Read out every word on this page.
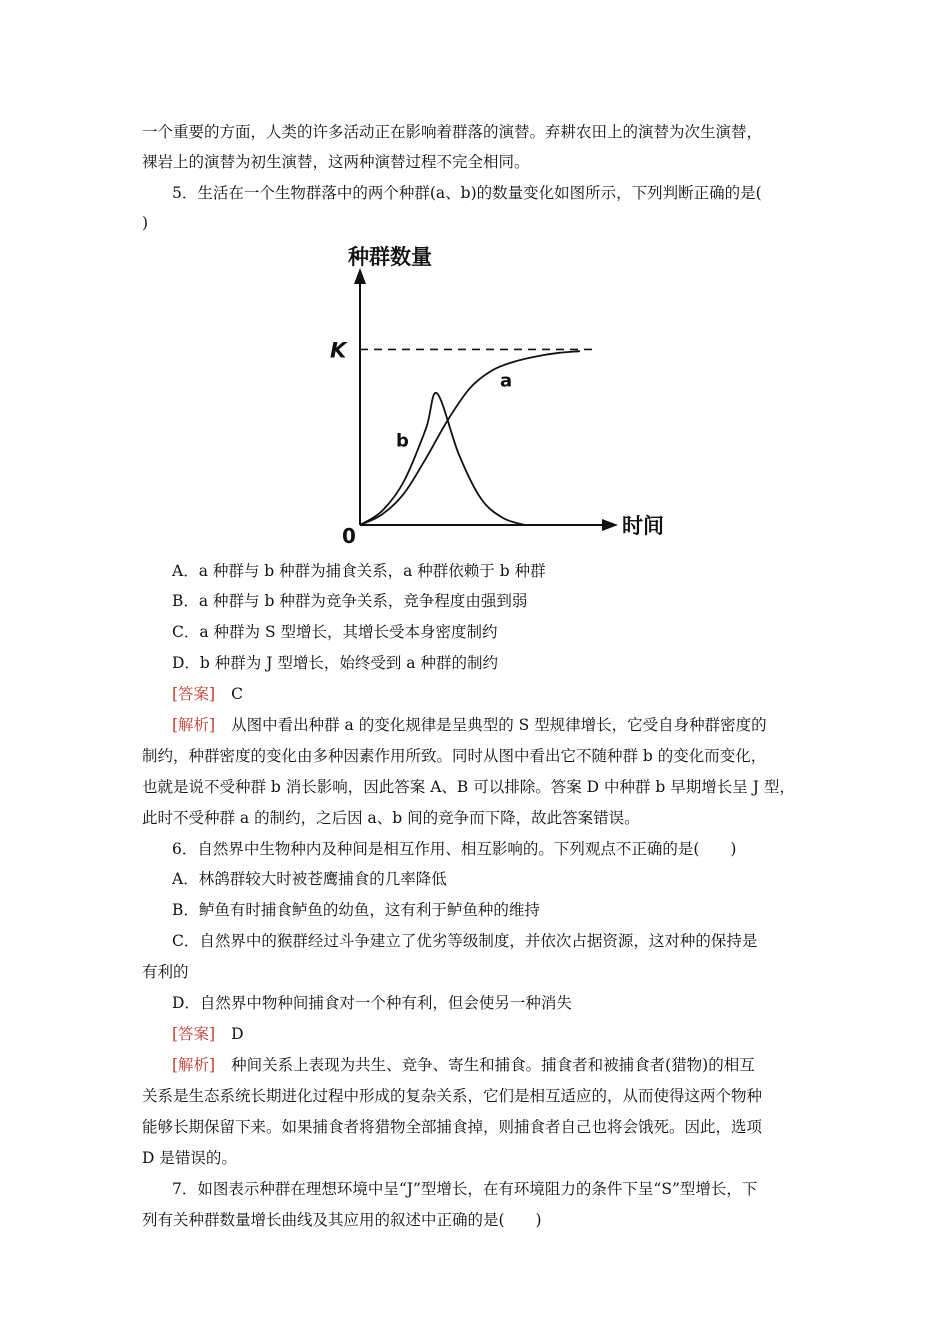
一个重要的方面，人类的许多活动正在影响着群落的演替。弃耕农田上的演替为次生演替，
裸岩上的演替为初生演替，这两种演替过程不完全相同。
5．生活在一个生物群落中的两个种群(a、b)的数量变化如图所示，下列判断正确的是(
)
a
b
种群数量
时间
K
0
A．a 种群与 b 种群为捕食关系，a 种群依赖于 b 种群
B．a 种群与 b 种群为竞争关系，竞争程度由强到弱
C．a 种群为 S 型增长，其增长受本身密度制约
D．b 种群为 J 型增长，始终受到 a 种群的制约
[答案] C
[解析] 从图中看出种群 a 的变化规律是呈典型的 S 型规律增长，它受自身种群密度的
制约，种群密度的变化由多种因素作用所致。同时从图中看出它不随种群 b 的变化而变化，
也就是说不受种群 b 消长影响，因此答案 A、B 可以排除。答案 D 中种群 b 早期增长呈 J 型，
此时不受种群 a 的制约，之后因 a、b 间的竞争而下降，故此答案错误。
6．自然界中生物种内及种间是相互作用、相互影响的。下列观点不正确的是(　　)
A．林鸽群较大时被苍鹰捕食的几率降低
B．鲈鱼有时捕食鲈鱼的幼鱼，这有利于鲈鱼种的维持
C．自然界中的猴群经过斗争建立了优劣等级制度，并依次占据资源，这对种的保持是
有利的
D．自然界中物种间捕食对一个种有利，但会使另一种消失
[答案] D
[解析] 种间关系上表现为共生、竞争、寄生和捕食。捕食者和被捕食者(猎物)的相互
关系是生态系统长期进化过程中形成的复杂关系，它们是相互适应的，从而使得这两个物种
能够长期保留下来。如果捕食者将猎物全部捕食掉，则捕食者自己也将会饿死。因此，选项
D 是错误的。
7．如图表示种群在理想环境中呈“J”型增长，在有环境阻力的条件下呈“S”型增长，下
列有关种群数量增长曲线及其应用的叙述中正确的是(　　)
